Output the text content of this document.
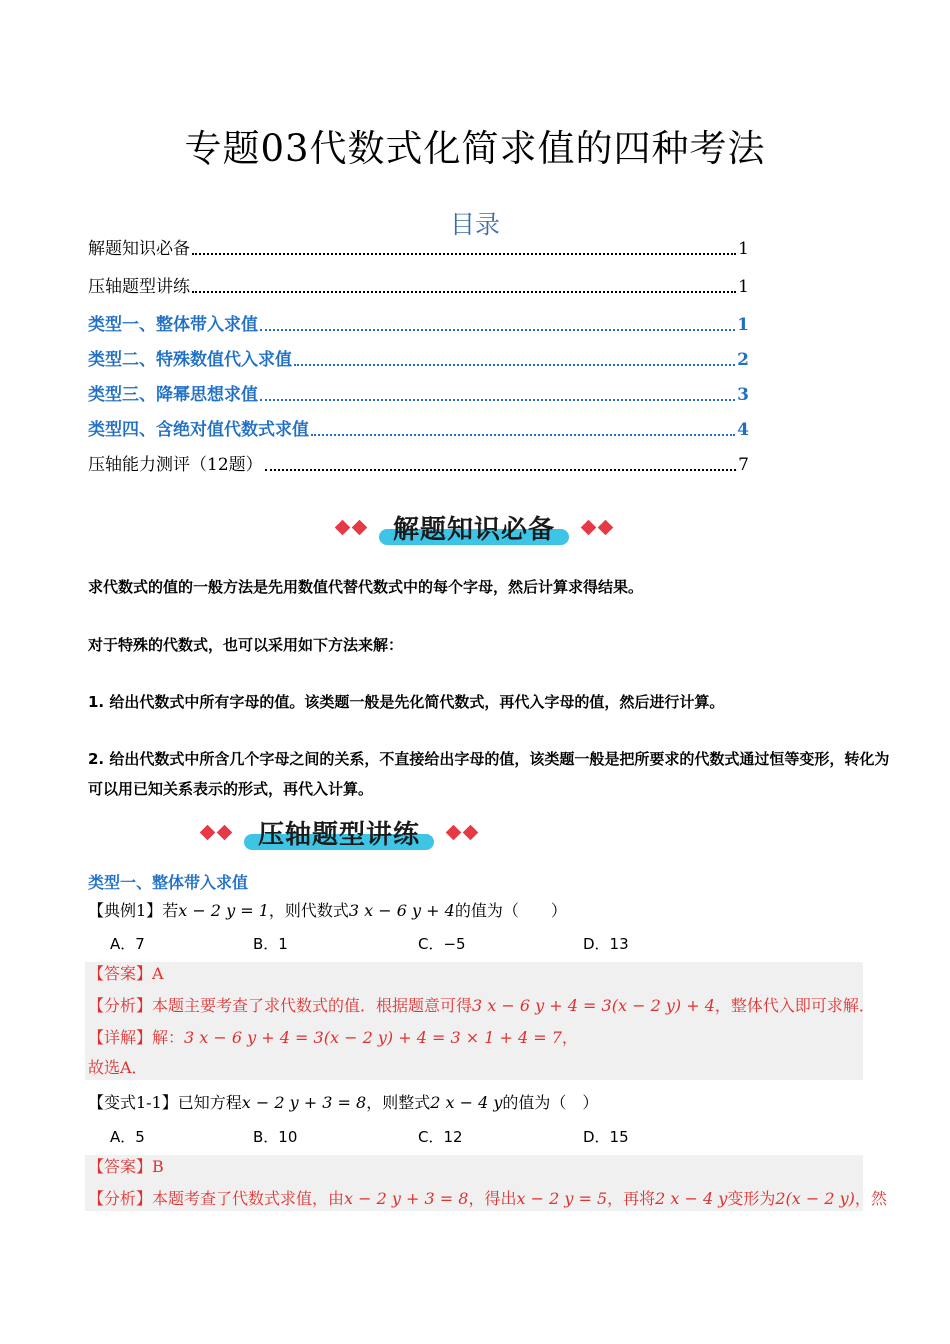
专题03代数式化简求值的四种考法
目录
解题知识必备	1
压轴题型讲练	1
类型一、整体带入求值	1
类型二、特殊数值代入求值	2
类型三、降幂思想求值	3
类型四、含绝对值代数式求值	4
压轴能力测评（12题）	7
解题知识必备
求代数式的值的一般方法是先用数值代替代数式中的每个字母，然后计算求得结果。
对于特殊的代数式，也可以采用如下方法来解：
1. 给出代数式中所有字母的值。该类题一般是先化简代数式，再代入字母的值，然后进行计算。
2. 给出代数式中所含几个字母之间的关系，不直接给出字母的值，该类题一般是把所要求的代数式通过恒等变形，转化为可以用已知关系表示的形式，再代入计算。
压轴题型讲练
类型一、整体带入求值
【典例1】若x − 2 y = 1，则代数式3 x − 6 y + 4的值为（　　）
A．7	B．1	C．−5	D．13
【答案】A
【分析】本题主要考查了求代数式的值．根据题意可得3 x − 6 y + 4 = 3(x − 2 y) + 4，整体代入即可求解．
【详解】解：3 x − 6 y + 4 = 3(x − 2 y) + 4 = 3 × 1 + 4 = 7，
故选A．
【变式1-1】已知方程x − 2 y + 3 = 8，则整式2 x − 4 y的值为（　）
A．5	B．10	C．12	D．15
【答案】B
【分析】本题考查了代数式求值，由x − 2 y + 3 = 8，得出x − 2 y = 5，再将2 x − 4 y变形为2(x − 2 y)，然
